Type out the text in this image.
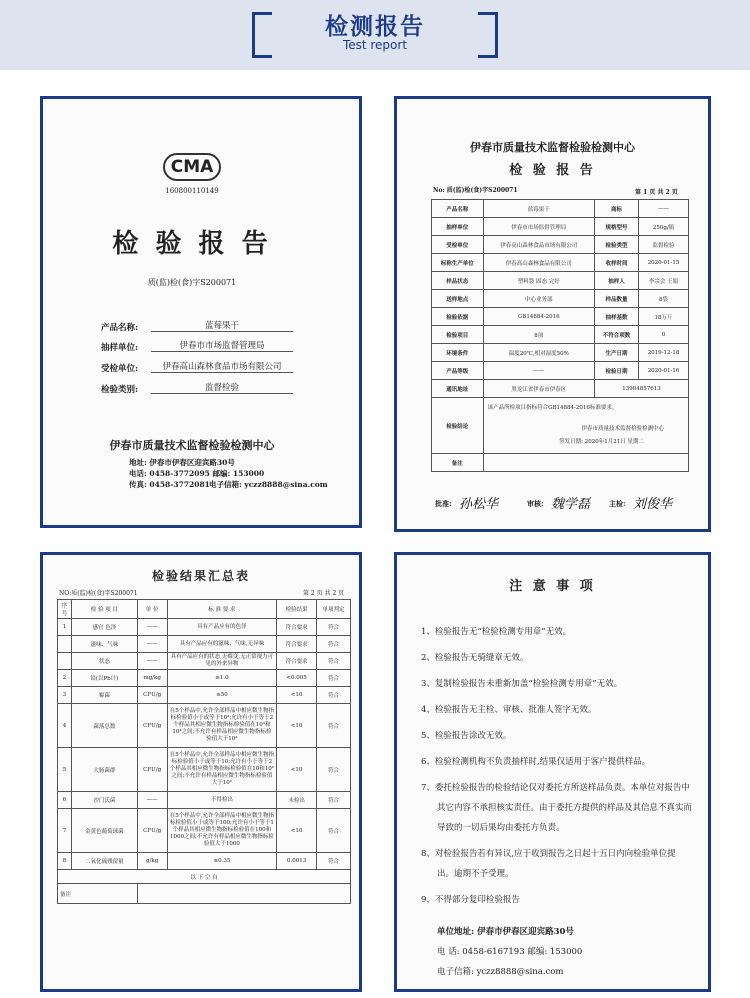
检测报告
Test report
CMA
160800110149
检 验 报 告
质(监)检(食)字S200071
产品名称:	蓝莓果干
抽样单位:	伊春市市场监督管理局
受检单位:	伊春高山森林食品市场有限公司
检验类别:	监督检验
伊春市质量技术监督检验检测中心
地址: 伊春市伊春区迎宾路30号
电话: 0458-3772095 邮编: 153000
传真: 0458-3772081 电子信箱: yczz8888@sina.com
伊春市质量技术监督检验检测中心
检 验 报 告
No: 质(监)检(食)字S200071	第 1 页 共 2 页
产品名称	蓝莓果干	商标	——
抽样单位	伊春市市场监督管理局	规格型号	250g/瓶
受检单位	伊春高山森林食品市场有限公司	检验类型	监督检验
标称生产单位	伊春高山森林食品有限公司	收样时间	2020-01-15
样品状态	塑料袋 固态 完好	抽样人	李宗会 王娟
送样地点	中心业务部	样品数量	8袋
检验依据	GB14884-2016	抽样基数	18万斤
检验项目	8项	不符合项数	0
环境条件	温度20℃,相对湿度50%	生产日期	2019-12-18
产品等级	——	检验日期	2020-01-16
通讯地址	黑龙江省伊春市伊春区	13904857613	
检验结论	该产品所检项目指标符合GB14884-2016标准要求。
伊春市质量技术监督检验检测中心
签发日期: 2020年1月21日 星期二		

备注			
批准: 孙松华	审核: 魏学磊	主检: 刘俊华
检验结果汇总表
NO:质(监)检(食)字S200071	第 2 页 共 2 页
序号	检 验 项 目	单 位	标 准 要 求	检验结果	单项判定
1	感官 色泽	——	具有产品应有的色泽	符合要求	符合
	滋味、气味	——	具有产品应有的滋味、气味,无异味	符合要求	符合
	状态	——	具有产品应有的状态,无霉变,无正常视力可见的外来异物	符合要求	符合
2	铅(以Pb计)	mg/kg	≤1.0	<0.005	符合
3	霉菌	CFU/g	≤50	<10	符合
4	菌落总数	CFU/g	在5个样品中,允许全部样品中相应微生物指标检验值小于或等于10³;允许有小于等于2个样品其相应微生物指标检验值在10³和10⁴之间;不允许有样品相应微生物指标检验值大于10⁴	<10	符合
5	大肠菌群	CFU/g	在5个样品中,允许全部样品中相应微生物指标检验值小于或等于10;允许有小于等于2个样品其相应微生物指标检验值在10和10²之间;不允许有样品相应微生物指标检验值大于10²	<10	符合
6	沙门氏菌	——	不得检出	未检出	符合
7	金黄色葡萄球菌	CFU/g	在5个样品中,允许全部样品中相应微生物指标检验值小于或等于100;允许有小于等于1个样品其相应微生物指标检验值在100和1000之间;不允许有样品相应微生物指标检验值大于1000	<10	符合
8	二氧化硫残留量	g/kg	≤0.35	0.0013	符合
以 下 空 白					
备注					
注 意 事 项
1、检验报告无“检验检测专用章”无效。
2、检验报告无骑缝章无效。
3、复制检验报告未重新加盖“检验检测专用章”无效。
4、检验报告无主检、审核、批准人签字无效。
5、检验报告涂改无效。
6、检验检测机构不负责抽样时,结果仅适用于客户提供样品。
7、委托检验报告的检验结论仅对委托方所送样品负责。本单位对报告中
其它内容不承担核实责任。由于委托方提供的样品及其信息不真实而
导致的一切后果均由委托方负责。
8、对检验报告若有异议,应于收到报告之日起十五日内向检验单位提
出。逾期不予受理。
9、不得部分复印检验报告
单位地址: 伊春市伊春区迎宾路30号
电 话: 0458-6167193 邮编: 153000
电子信箱: yczz8888@sina.com
